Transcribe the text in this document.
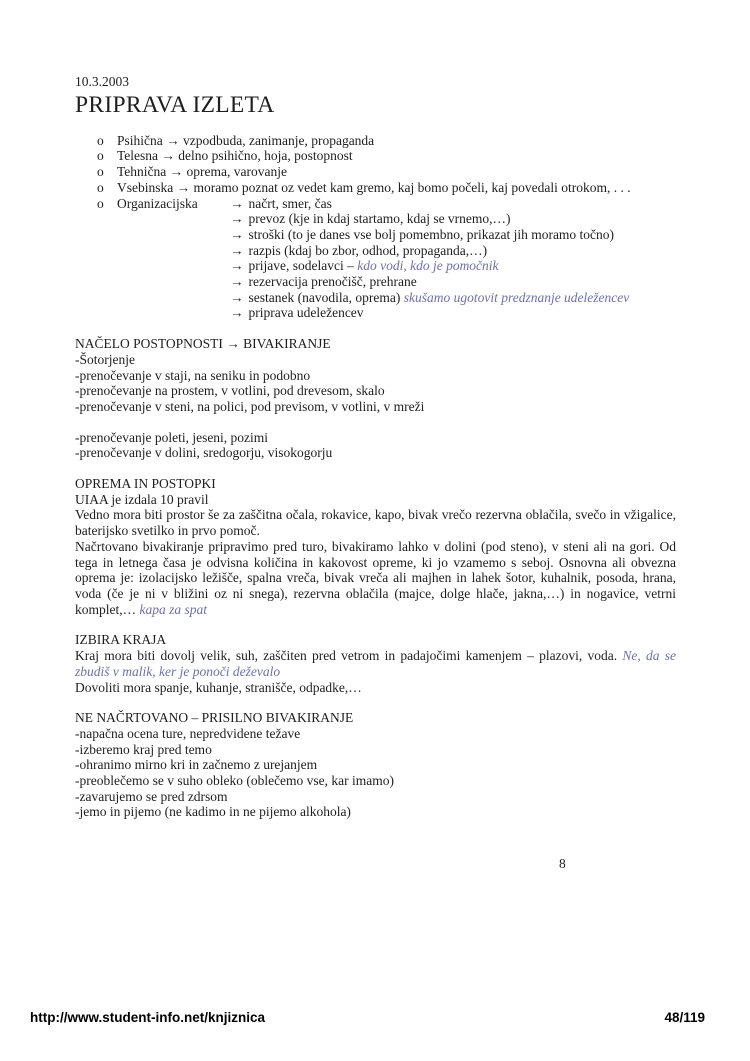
10.3.2003
PRIPRAVA IZLETA
o Psihična → vzpodbuda, zanimanje, propaganda
o Telesna → delno psihično, hoja, postopnost
o Tehnična → oprema, varovanje
o Vsebinska → moramo poznat oz vedet kam gremo, kaj bomo počeli, kaj povedali otrokom, . . .
o Organizacijska	→ načrt, smer, čas
→ prevoz (kje in kdaj startamo, kdaj se vrnemo,…)
→ stroški (to je danes vse bolj pomembno, prikazat jih moramo točno)
→ razpis (kdaj bo zbor, odhod, propaganda,…)
→ prijave, sodelavci – kdo vodi, kdo je pomočnik
→ rezervacija prenočišč, prehrane
→ sestanek (navodila, oprema) skušamo ugotovit predznanje udeležencev
→ priprava udeležencev
NAČELO POSTOPNOSTI → BIVAKIRANJE
-Šotorjenje
-prenočevanje v staji, na seniku in podobno
-prenočevanje na prostem, v votlini, pod drevesom, skalo
-prenočevanje v steni, na polici, pod previsom, v votlini, v mreži
-prenočevanje poleti, jeseni, pozimi
-prenočevanje v dolini, sredogorju, visokogorju
OPREMA IN POSTOPKI
UIAA je izdala 10 pravil
Vedno mora biti prostor še za zaščitna očala, rokavice, kapo, bivak vrečo rezervna oblačila, svečo in vžigalice, baterijsko svetilko in prvo pomoč.
Načrtovano bivakiranje pripravimo pred turo, bivakiramo lahko v dolini (pod steno), v steni ali na gori. Od tega in letnega časa je odvisna količina in kakovost opreme, ki jo vzamemo s seboj. Osnovna ali obvezna oprema je: izolacijsko ležišče, spalna vreča, bivak vreča ali majhen in lahek šotor, kuhalnik, posoda, hrana, voda (če je ni v bližini oz ni snega), rezervna oblačila (majce, dolge hlače, jakna,…) in nogavice, vetrni komplet,… kapa za spat
IZBIRA KRAJA
Kraj mora biti dovolj velik, suh, zaščiten pred vetrom in padajočimi kamenjem – plazovi, voda. Ne, da se zbudiš v malik, ker je ponoči deževalo
Dovoliti mora spanje, kuhanje, stranišče, odpadke,…
NE NAČRTOVANO – PRISILNO BIVAKIRANJE
-napačna ocena ture, nepredvidene težave
-izberemo kraj pred temo
-ohranimo mirno kri in začnemo z urejanjem
-preoblečemo se v suho obleko (oblečemo vse, kar imamo)
-zavarujemo se pred zdrsom
-jemo in pijemo (ne kadimo in ne pijemo alkohola)
8
http://www.student-info.net/knjiznica	48/119
